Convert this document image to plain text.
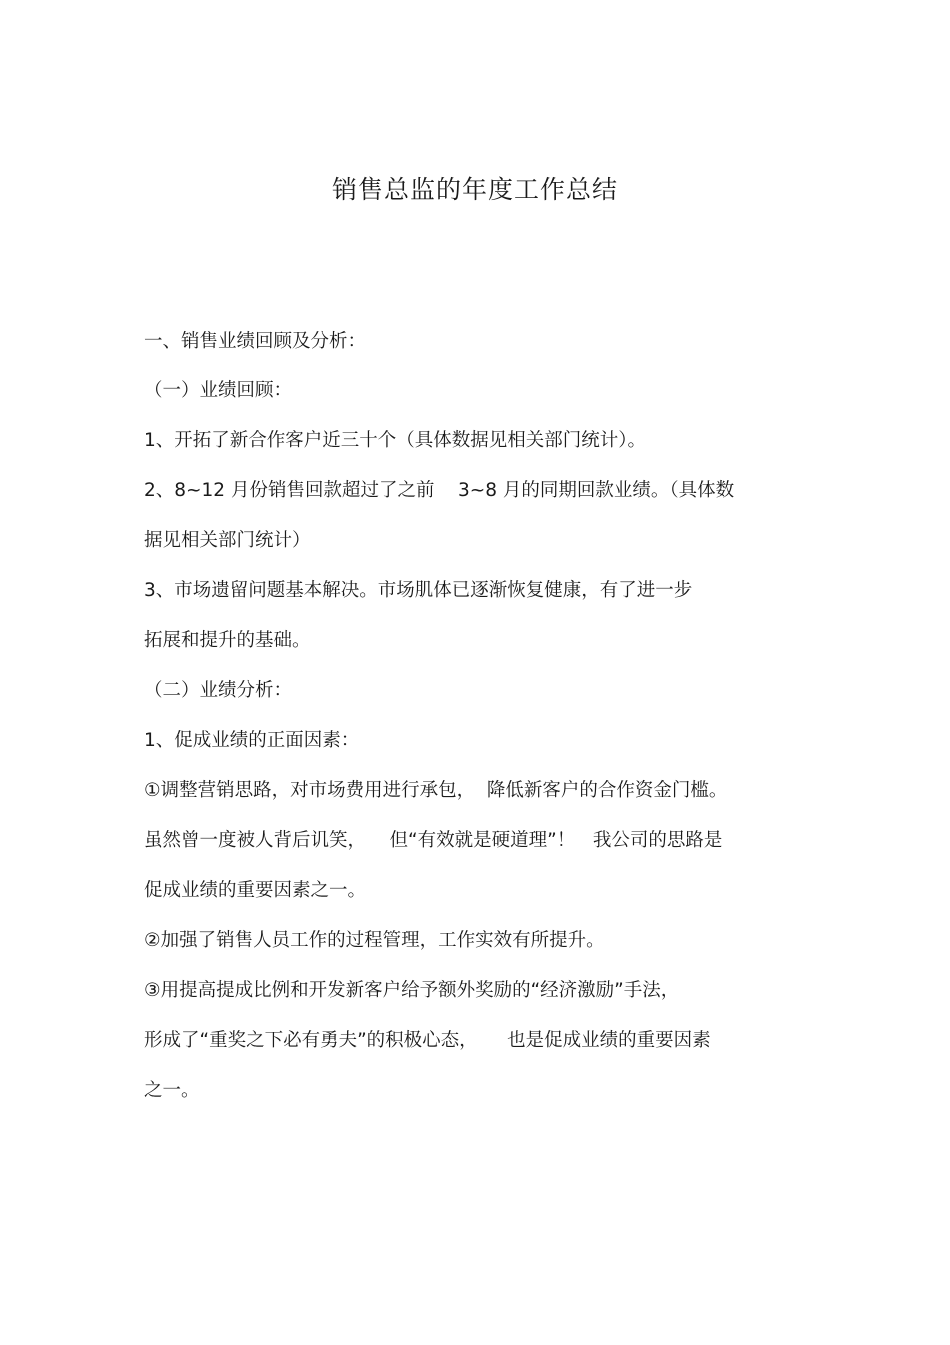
销售总监的年度工作总结
一、销售业绩回顾及分析：
（一）业绩回顾：
1、开拓了新合作客户近三十个（具体数据见相关部门统计）。
2、8~12 月份销售回款超过了之前    3~8 月的同期回款业绩。（具体数
据见相关部门统计）
3、市场遗留问题基本解决。市场肌体已逐渐恢复健康，有了进一步
拓展和提升的基础。
（二）业绩分析：
1、促成业绩的正面因素：
①调整营销思路，对市场费用进行承包，  降低新客户的合作资金门槛。
虽然曾一度被人背后讥笑，    但“有效就是硬道理”！   我公司的思路是
促成业绩的重要因素之一。
②加强了销售人员工作的过程管理，工作实效有所提升。
③用提高提成比例和开发新客户给予额外奖励的“经济激励”手法，
形成了“重奖之下必有勇夫”的积极心态，     也是促成业绩的重要因素
之一。
